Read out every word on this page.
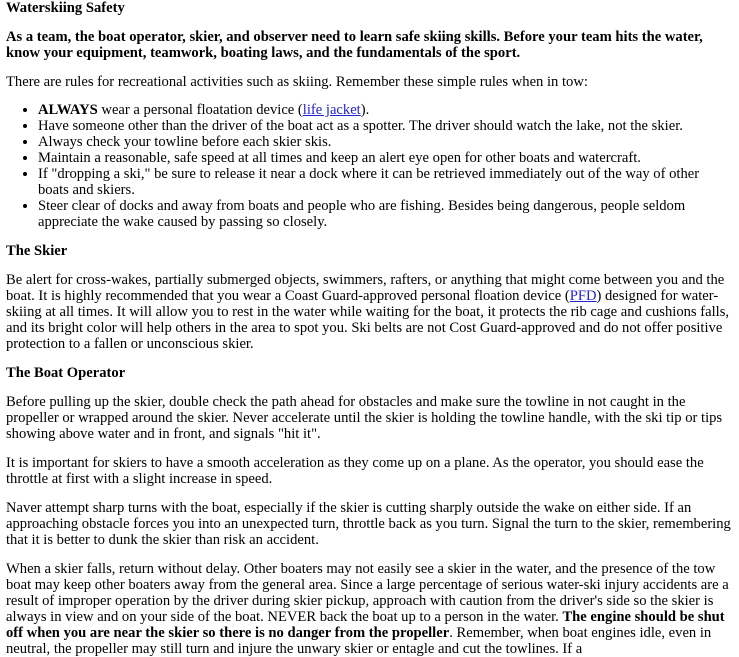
Waterskiing Safety

As a team, the boat operator, skier, and observer need to learn safe skiing skills. Before your team hits the water, know your equipment, teamwork, boating laws, and the fundamentals of the sport.

There are rules for recreational activities such as skiing. Remember these simple rules when in tow:

• ALWAYS wear a personal floatation device (life jacket).
• Have someone other than the driver of the boat act as a spotter. The driver should watch the lake, not the skier.
• Always check your towline before each skier skis.
• Maintain a reasonable, safe speed at all times and keep an alert eye open for other boats and watercraft.
• If "dropping a ski," be sure to release it near a dock where it can be retrieved immediately out of the way of other boats and skiers.
• Steer clear of docks and away from boats and people who are fishing. Besides being dangerous, people seldom appreciate the wake caused by passing so closely.
The Skier

Be alert for cross-wakes, partially submerged objects, swimmers, rafters, or anything that might come between you and the boat. It is highly recommended that you wear a Coast Guard-approved personal floation device (PFD) designed for water-skiing at all times. It will allow you to rest in the water while waiting for the boat, it protects the rib cage and cushions falls, and its bright color will help others in the area to spot you. Ski belts are not Cost Guard-approved and do not offer positive protection to a fallen or unconscious skier.

The Boat Operator

Before pulling up the skier, double check the path ahead for obstacles and make sure the towline in not caught in the propeller or wrapped around the skier. Never accelerate until the skier is holding the towline handle, with the ski tip or tips showing above water and in front, and signals "hit it".

It is important for skiers to have a smooth acceleration as they come up on a plane. As the operator, you should ease the throttle at first with a slight increase in speed.

Naver attempt sharp turns with the boat, especially if the skier is cutting sharply outside the wake on either side. If an approaching obstacle forces you into an unexpected turn, throttle back as you turn. Signal the turn to the skier, remembering that it is better to dunk the skier than risk an accident.

When a skier falls, return without delay. Other boaters may not easily see a skier in the water, and the presence of the tow boat may keep other boaters away from the general area. Since a large percentage of serious water-ski injury accidents are a result of improper operation by the driver during skier pickup, approach with caution from the driver's side so the skier is always in view and on your side of the boat. NEVER back the boat up to a person in the water. The engine should be shut off when you are near the skier so there is no danger from the propeller. Remember, when boat engines idle, even in neutral, the propeller may still turn and injure the unwary skier or entagle and cut the towlines. If a
